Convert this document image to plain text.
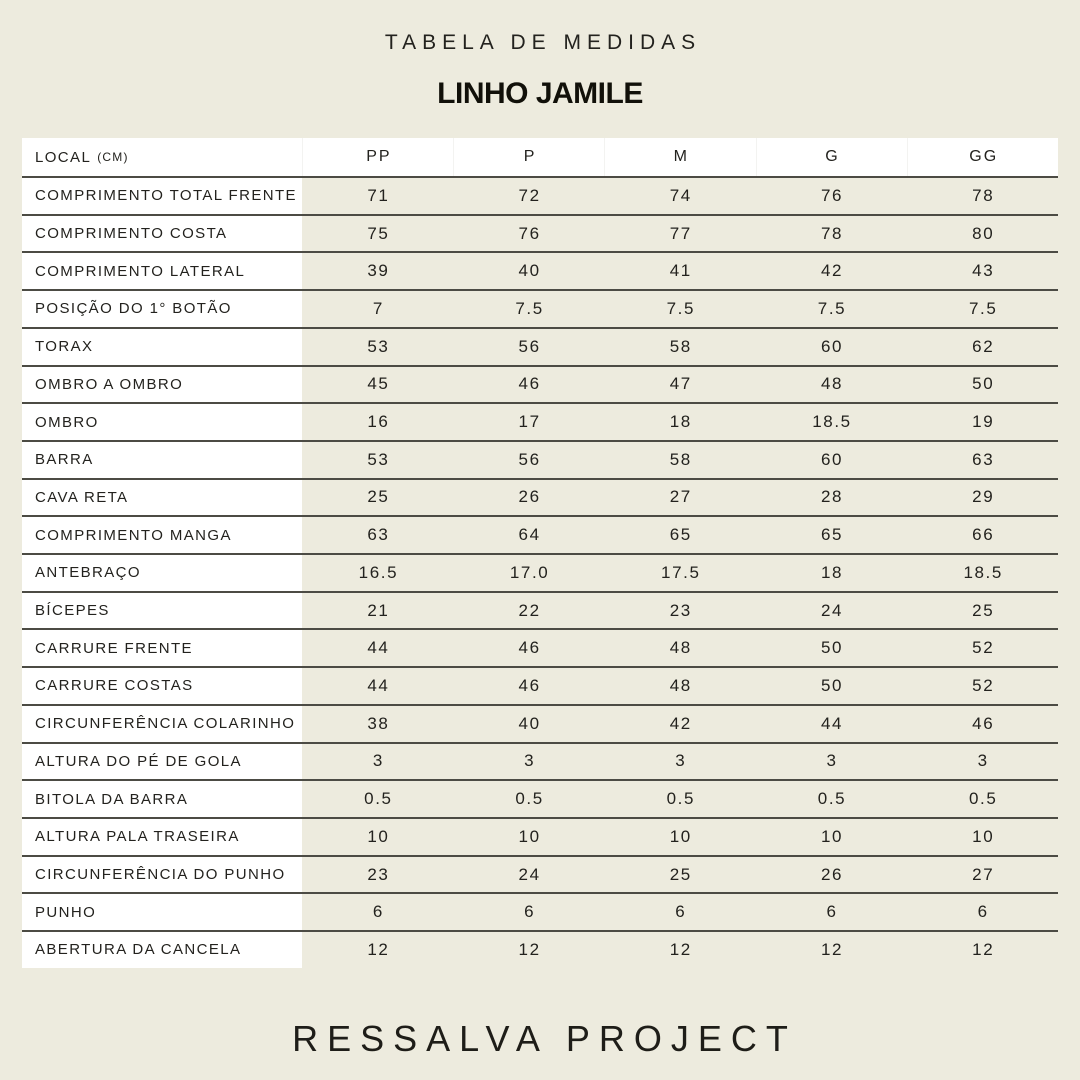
TABELA DE MEDIDAS
LINHO JAMILE
LOCAL (CM)	PP	P	M	G	GG
COMPRIMENTO TOTAL FRENTE	71	72	74	76	78
COMPRIMENTO COSTA	75	76	77	78	80
COMPRIMENTO LATERAL	39	40	41	42	43
POSIÇÃO DO 1° BOTÃO	7	7.5	7.5	7.5	7.5
TORAX	53	56	58	60	62
OMBRO A OMBRO	45	46	47	48	50
OMBRO	16	17	18	18.5	19
BARRA	53	56	58	60	63
CAVA RETA	25	26	27	28	29
COMPRIMENTO MANGA	63	64	65	65	66
ANTEBRAÇO	16.5	17.0	17.5	18	18.5
BÍCEPES	21	22	23	24	25
CARRURE FRENTE	44	46	48	50	52
CARRURE COSTAS	44	46	48	50	52
CIRCUNFERÊNCIA COLARINHO	38	40	42	44	46
ALTURA DO PÉ DE GOLA	3	3	3	3	3
BITOLA DA BARRA	0.5	0.5	0.5	0.5	0.5
ALTURA PALA TRASEIRA	10	10	10	10	10
CIRCUNFERÊNCIA DO PUNHO	23	24	25	26	27
PUNHO	6	6	6	6	6
ABERTURA DA CANCELA	12	12	12	12	12
RESSALVA PROJECT
